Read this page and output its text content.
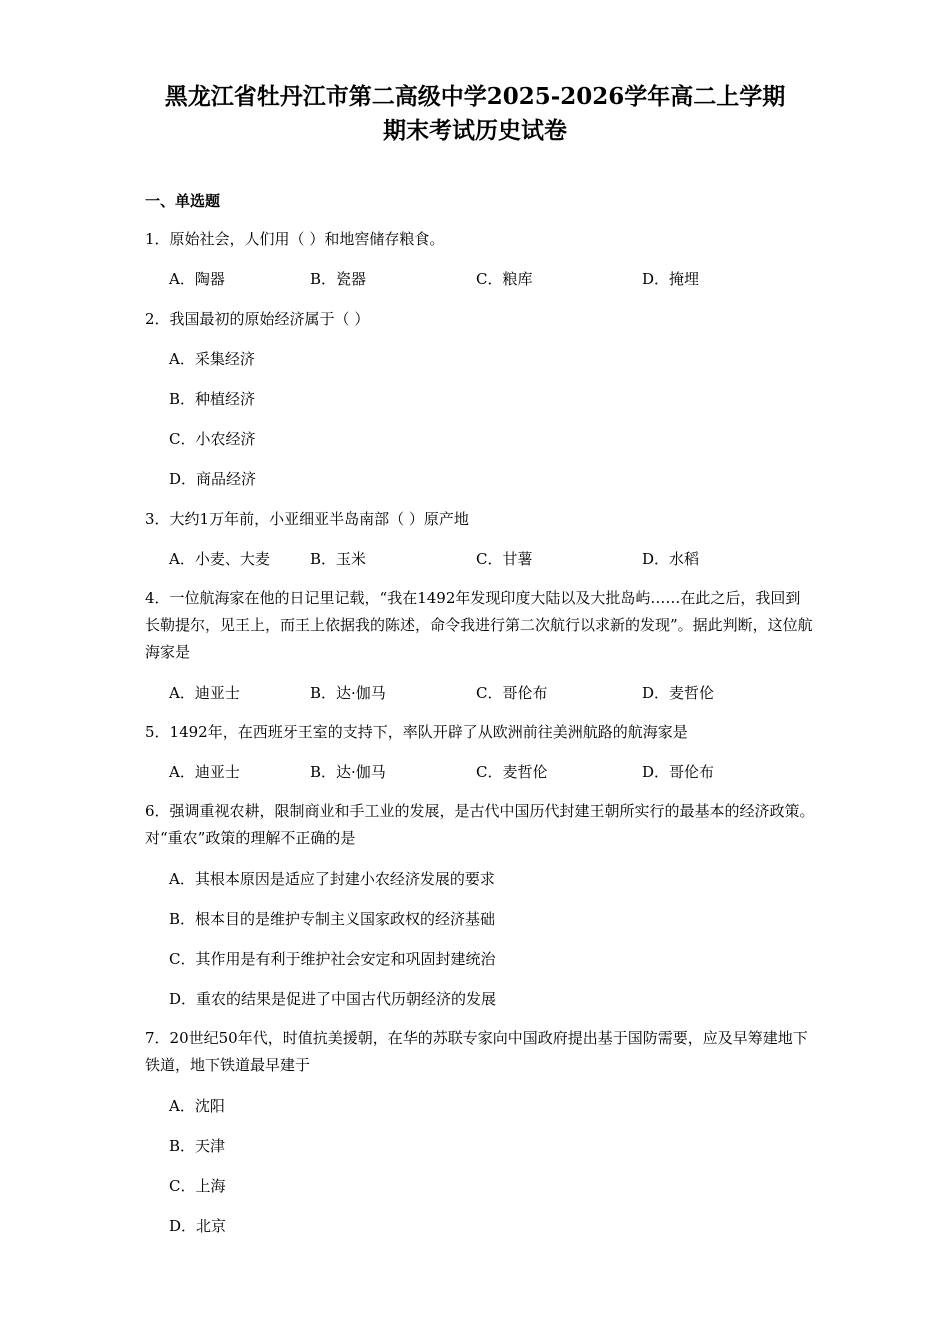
黑龙江省牡丹江市第二高级中学2025-2026学年高二上学期
期末考试历史试卷
一、单选题
1．原始社会，人们用（ ）和地窖储存粮食。
A．陶器	B．瓷器	C．粮库	D．掩埋
2．我国最初的原始经济属于（ ）
A．采集经济
B．种植经济
C．小农经济
D．商品经济
3．大约1万年前，小亚细亚半岛南部（ ）原产地
A．小麦、大麦	B．玉米	C．甘薯	D．水稻
4．一位航海家在他的日记里记载，“我在1492年发现印度大陆以及大批岛屿……在此之后，我回到长勒提尔，见王上，而王上依据我的陈述，命令我进行第二次航行以求新的发现”。据此判断，这位航海家是
A．迪亚士	B．达·伽马	C．哥伦布	D．麦哲伦
5．1492年，在西班牙王室的支持下，率队开辟了从欧洲前往美洲航路的航海家是
A．迪亚士	B．达·伽马	C．麦哲伦	D．哥伦布
6．强调重视农耕，限制商业和手工业的发展，是古代中国历代封建王朝所实行的最基本的经济政策。对“重农”政策的理解不正确的是
A．其根本原因是适应了封建小农经济发展的要求
B．根本目的是维护专制主义国家政权的经济基础
C．其作用是有利于维护社会安定和巩固封建统治
D．重农的结果是促进了中国古代历朝经济的发展
7．20世纪50年代，时值抗美援朝，在华的苏联专家向中国政府提出基于国防需要，应及早筹建地下铁道，地下铁道最早建于
A．沈阳
B．天津
C．上海
D．北京
